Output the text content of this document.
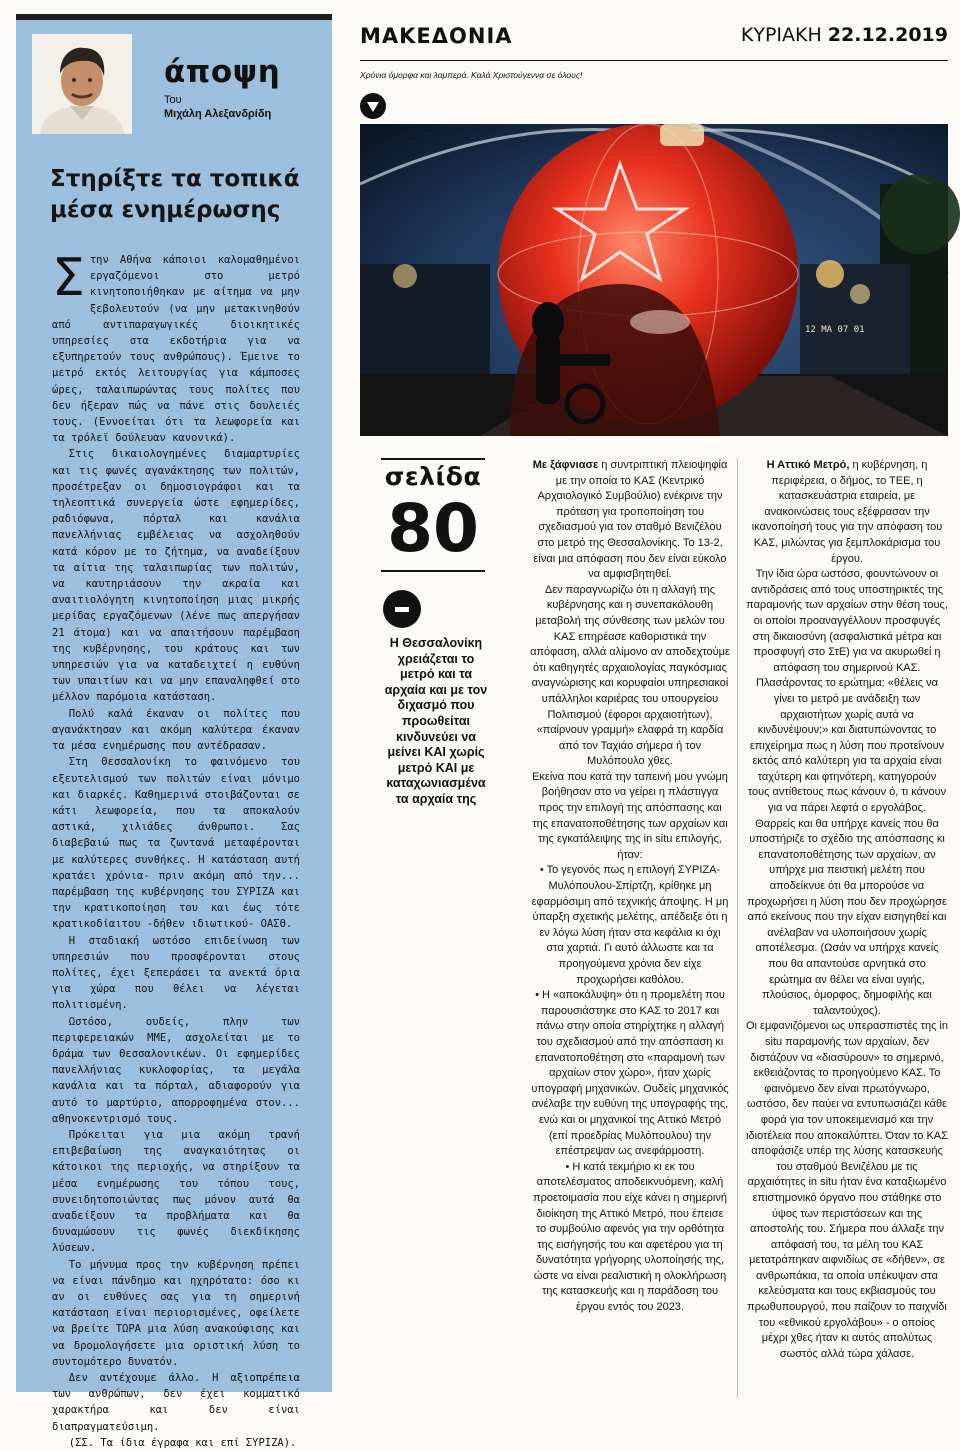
άποψη
Του
Μιχάλη Αλεξανδρίδη
Στηρίξτε τα τοπικά μέσα ενημέρωσης

Στην Αθήνα κάποιοι καλομαθημένοι εργαζόμενοι στο μετρό κινητοποιήθηκαν με αίτημα να μην ξεβολευτούν (να μην μετακινηθούν από αντιπαραγωγικές διοικητικές υπηρεσίες στα εκδοτήρια για να εξυπηρετούν τους ανθρώπους). Έμεινε το μετρό εκτός λειτουργίας για κάμποσες ώρες, ταλαιπωρώντας τους πολίτες που δεν ήξεραν πώς να πάνε στις δουλειές τους. (Εννοείται ότι τα λεωφορεία και τα τρόλεϊ δούλευαν κανονικά).

Στις δικαιολογημένες διαμαρτυρίες και τις φωνές αγανάκτησης των πολιτών, προσέτρεξαν οι δημοσιογράφοι και τα τηλεοπτικά συνεργεία ώστε εφημερίδες, ραδιόφωνα, πόρταλ και κανάλια πανελλήνιας εμβέλειας να ασχοληθούν κατά κόρον με το ζήτημα, να αναδείξουν τα αίτια της ταλαιπωρίας των πολιτών, να καυτηριάσουν την ακραία και αναιτιολόγητη κινητοποίηση μιας μικρής μερίδας εργαζόμενων (λένε πως απεργήσαν 21 άτομα) και να απαιτήσουν παρέμβαση της κυβέρνησης, του κράτους και των υπηρεσιών για να καταδειχτεί η ευθύνη των υπαιτίων και να μην επαναληφθεί στο μέλλον παρόμοια κατάσταση.

Πολύ καλά έκαναν οι πολίτες που αγανάκτησαν και ακόμη καλύτερα έκαναν τα μέσα ενημέρωσης που αντέδρασαν.

Στη Θεσσαλονίκη το φαινόμενο του εξευτελισμού των πολιτών είναι μόνιμο και διαρκές. Καθημερινά στοιβάζονται σε κάτι λεωφορεία, που τα αποκαλούν αστικά, χιλιάδες άνθρωποι. Σας διαβεβαιώ πως τα ζωντανά μεταφέρονται με καλύτερες συνθήκες. Η κατάσταση αυτή κρατάει χρόνια- πριν ακόμη από την... παρέμβαση της κυβέρνησης του ΣΥΡΙΖΑ και την κρατικοποίηση του και έως τότε κρατικοδίαιτου -δήθεν ιδιωτικού- ΟΑΣΘ.

Η σταδιακή ωστόσο επιδείνωση των υπηρεσιών που προσφέρονται στους πολίτες, έχει ξεπεράσει τα ανεκτά όρια για χώρα που θέλει να λέγεται πολιτισμένη.

Ωστόσο, ουδείς, πλην των περιφερειακών ΜΜΕ, ασχολείται με το δράμα των Θεσσαλονικέων. Οι εφημερίδες πανελλήνιας κυκλοφορίας, τα μεγάλα κανάλια και τα πόρταλ, αδιαφορούν για αυτό το μαρτύριο, απορροφημένα στον... αθηνοκεντρισμό τους.

Πρόκειται για μια ακόμη τρανή επιβεβαίωση της αναγκαιότητας οι κάτοικοι της περιοχής, να στηρίξουν τα μέσα ενημέρωσης του τόπου τους, συνειδητοποιώντας πως μόνον αυτά θα αναδείξουν τα προβλήματα και θα δυναμώσουν τις φωνές διεκδίκησης λύσεων.

Το μήνυμα προς την κυβέρνηση πρέπει να είναι πάνδημο και ηχηρότατο: όσο κι αν οι ευθύνες σας για τη σημερινή κατάσταση είναι περιορισμένες, οφείλετε να βρείτε ΤΩΡΑ μια λύση ανακούφισης και να δρομολογήσετε μια οριστική λύση το συντομότερο δυνατόν.

Δεν αντέχουμε άλλο. Η αξιοπρέπεια των ανθρώπων, δεν έχει κομματικό χαρακτήρα και δεν είναι διαπραγματεύσιμη.

(ΣΣ. Τα ίδια έγραφα και επί ΣΥΡΙΖΑ).

ΜΑΚΕΔΟΝΙΑ	ΚΥΡΙΑΚΗ 22.12.2019
Χρόνια όμορφα και λαμπερά. Καλά Χριστούγεννα σε όλους!
12 ΜΑ 07 01
σελίδα
80
Η Θεσσαλονίκη χρειάζεται το μετρό και τα αρχαία και με τον διχασμό που προωθείται κινδυνεύει να μείνει ΚΑΙ χωρίς μετρό ΚΑΙ με καταχωνιασμένα τα αρχαία της

Με ξάφνιασε η συντριπτική πλειοψηφία με την οποία το ΚΑΣ (Κεντρικό Αρχαιολογικό Συμβούλιο) ενέκρινε την πρόταση για τροποποίηση του σχεδιασμού για τον σταθμό Βενιζέλου στο μετρό της Θεσσαλονίκης. Το 13-2, είναι μια απόφαση που δεν είναι εύκολο να αμφισβητηθεί.

Δεν παραγνωρίζω ότι η αλλαγή της κυβέρνησης και η συνεπακόλουθη μεταβολή της σύνθεσης των μελών του ΚΑΣ επηρέασε καθοριστικά την απόφαση, αλλά αλίμονο αν αποδεχτούμε ότι καθηγητές αρχαιολογίας παγκόσμιας αναγνώρισης και κορυφαίοι υπηρεσιακοί υπάλληλοι καριέρας του υπουργείου Πολιτισμού (έφοροι αρχαιοτήτων), «παίρνουν γραμμή» ελαφρά τη καρδία από τον Ταχιάο σήμερα ή τον Μυλόπουλο χθες.

Εκείνα που κατά την ταπεινή μου γνώμη βοήθησαν στο να γείρει η πλάστιγγα προς την επιλογή της απόσπασης και της επανατοποθέτησης των αρχαίων και της εγκατάλειψης της in situ επιλογής, ήταν:

• Το γεγονός πως η επιλογή ΣΥΡΙΖΑ-Μυλόπουλου-Σπίρτζη, κρίθηκε μη εφαρμόσιμη από τεχνικής άποψης. Η μη ύπαρξη σχετικής μελέτης, απέδειξε ότι η εν λόγω λύση ήταν στα κεφάλια κι όχι στα χαρτιά. Γι αυτό άλλωστε και τα προηγούμενα χρόνια δεν είχε προχωρήσει καθόλου.

• Η «αποκάλυψη» ότι η προμελέτη που παρουσιάστηκε στο ΚΑΣ το 2017 και πάνω στην οποία στηρίχτηκε η αλλαγή του σχεδιασμού από την απόσπαση κι επανατοποθέτηση στο «παραμονή των αρχαίων στον χώρο», ήταν χωρίς υπογραφή μηχανικών. Ουδείς μηχανικός ανέλαβε την ευθύνη της υπογραφής της, ενώ και οι μηχανικοί της Αττικό Μετρό (επί προεδρίας Μυλόπουλου) την επέστρεψαν ως ανεφάρμοστη.

• Η κατά τεκμήριο κι εκ του αποτελέσματος αποδεικνυόμενη, καλή προετοιμασία που είχε κάνει η σημερινή διοίκηση της Αττικό Μετρό, που έπεισε το συμβούλιο αφενός για την ορθότητα της εισήγησής του και αφετέρου για τη δυνατότητα γρήγορης υλοποίησής της, ώστε να είναι ρεαλιστική η ολοκλήρωση της κατασκευής και η παράδοση του έργου εντός του 2023.

Η Αττικό Μετρό, η κυβέρνηση, η περιφέρεια, ο δήμος, το ΤΕΕ, η κατασκευάστρια εταιρεία, με ανακοινώσεις τους εξέφρασαν την ικανοποίησή τους για την απόφαση του ΚΑΣ, μιλώντας για ξεμπλοκάρισμα του έργου.

Την ίδια ώρα ωστόσο, φουντώνουν οι αντιδράσεις από τους υποστηρικτές της παραμονής των αρχαίων στην θέση τους, οι οποίοι προαναγγέλλουν προσφυγές στη δικαιοσύνη (ασφαλιστικά μέτρα και προσφυγή στο ΣτΕ) για να ακυρωθεί η απόφαση του σημερινού ΚΑΣ. Πλασάροντας το ερώτημα: «θέλεις να γίνει το μετρό με ανάδειξη των αρχαιοτήτων χωρίς αυτά να κινδυνέψουν;» και διατυπώνοντας το επιχείρημα πως η λύση που προτείνουν εκτός από καλύτερη για τα αρχαία είναι ταχύτερη και φτηνότερη, κατηγορούν τους αντίθετους πως κάνουν ό, τι κάνουν για να πάρει λεφτά ο εργολάβος.

Θαρρείς και θα υπήρχε κανείς που θα υποστήριζε το σχέδιο της απόσπασης κι επανατοποθέτησης των αρχαίων, αν υπήρχε μια πειστική μελέτη που αποδείκνυε ότι θα μπορούσε να προχωρήσει η λύση που δεν προχώρησε από εκείνους που την είχαν εισηγηθεί και ανέλαβαν να υλοποιήσουν χωρίς αποτέλεσμα. (Ωσάν να υπήρχε κανείς που θα απαντούσε αρνητικά στο ερώτημα αν θέλει να είναι υγιής, πλούσιος, όμορφος, δημοφιλής και ταλαντούχος).

Οι εμφανιζόμενοι ως υπερασπιστές της in situ παραμονής των αρχαίων, δεν διστάζουν να «διασύρουν» το σημερινό, εκθειάζοντας το προηγούμενο ΚΑΣ. Το φαινόμενο δεν είναι πρωτόγνωρο, ωστόσο, δεν παύει να εντυπωσιάζει κάθε φορά για τον υποκειμενισμό και την ιδιοτέλεια που αποκαλύπτει. Όταν το ΚΑΣ αποφάσιζε υπέρ της λύσης κατασκευής του σταθμού Βενιζέλου με τις αρχαιότητες in situ ήταν ένα καταξιωμένο επιστημονικό όργανο που στάθηκε στο ύψος των περιστάσεων και της αποστολής του. Σήμερα που άλλαξε την απόφασή του, τα μέλη του ΚΑΣ μετατράπηκαν αιφνιδίως σε «δήθεν», σε ανθρωπάκια, τα οποία υπέκυψαν στα κελεύσματα και τους εκβιασμούς του πρωθυπουργού, που παίζουν το παιχνίδι του «εθνικού εργολάβου» - ο οποίος μέχρι χθες ήταν κι αυτός απολύτως σωστός αλλά τώρα χάλασε.
